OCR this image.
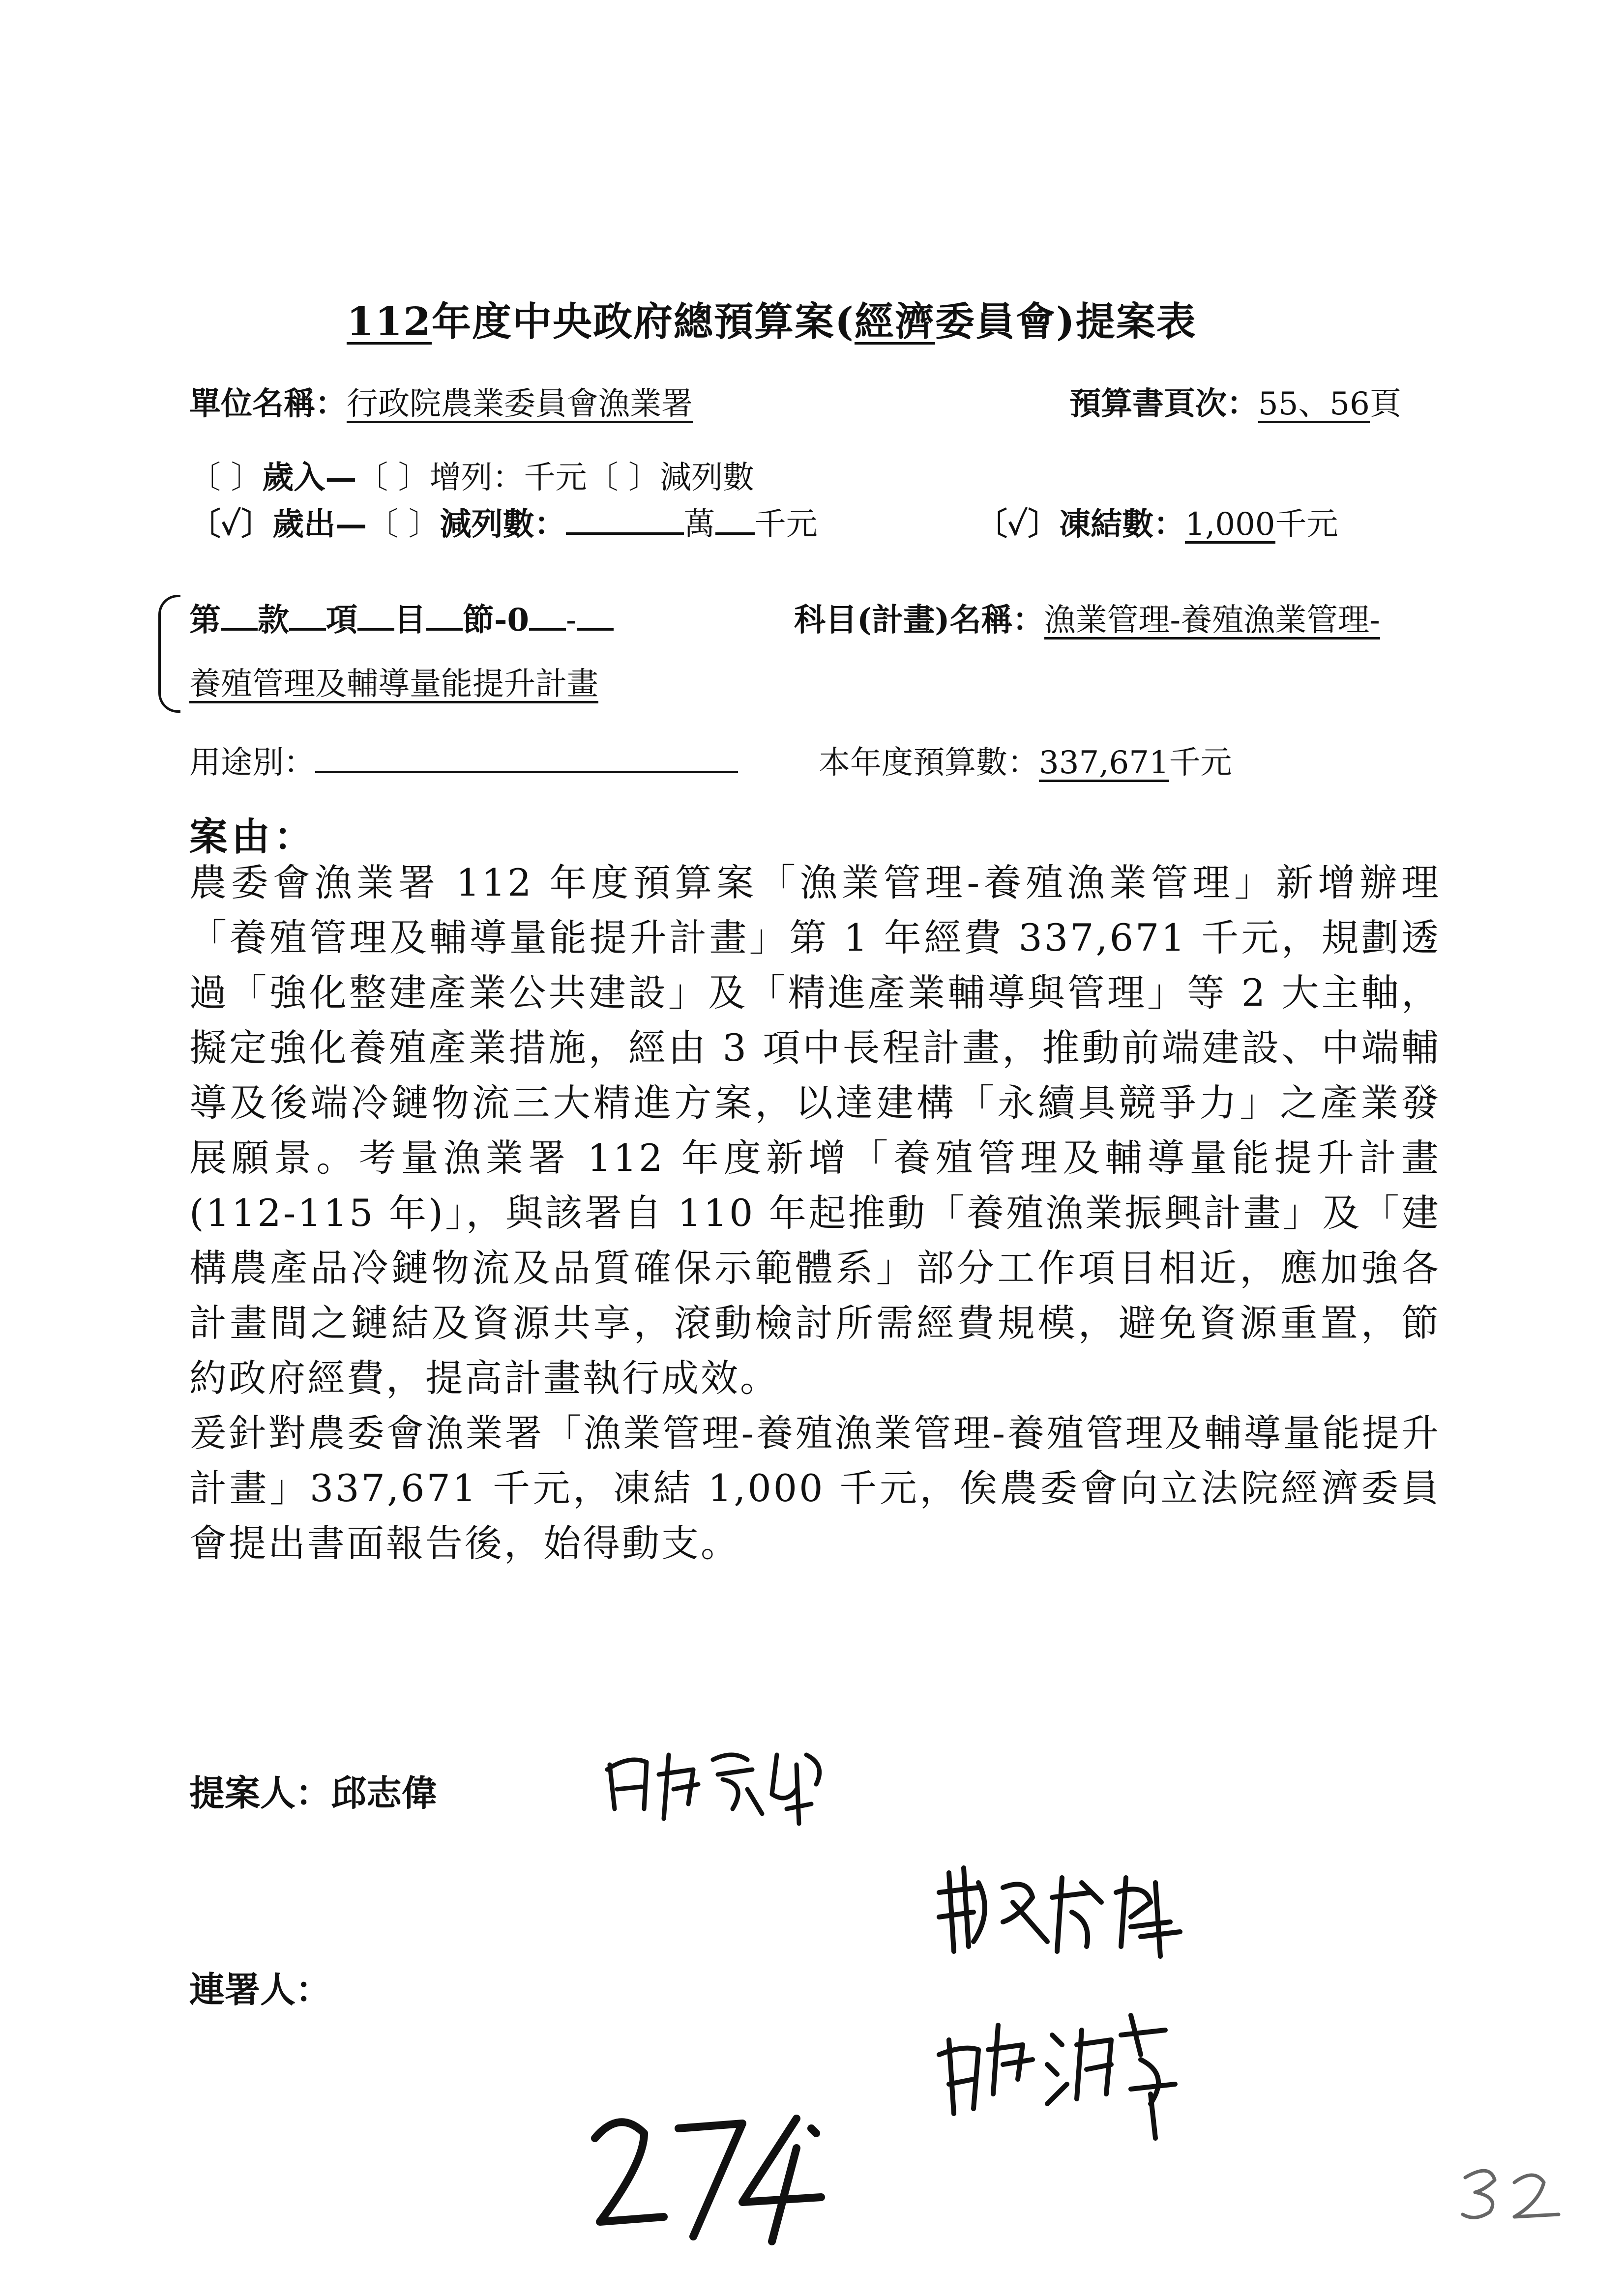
112年度中央政府總預算案(經濟委員會)提案表
單位名稱：行政院農業委員會漁業署	預算書頁次：55、56頁
〔 〕歲入—〔 〕增列：千元〔 〕減列數
〔✓〕歲出—〔 〕減列數：	萬 千元	〔✓〕凍結數：1,000千元
第 款 項 目 節-0 -	科目(計畫)名稱：漁業管理-養殖漁業管理-
養殖管理及輔導量能提升計畫
用途別：	本年度預算數：337,671千元
案由：

農委會漁業署 112 年度預算案「漁業管理-養殖漁業管理」新增辦理「養殖管理及輔導量能提升計畫」第 1 年經費 337,671 千元，規劃透過「強化整建產業公共建設」及「精進產業輔導與管理」等 2 大主軸，擬定強化養殖產業措施，經由 3 項中長程計畫，推動前端建設、中端輔導及後端冷鏈物流三大精進方案，以達建構「永續具競爭力」之產業發展願景。考量漁業署 112 年度新增「養殖管理及輔導量能提升計畫(112-115 年)」，與該署自 110 年起推動「養殖漁業振興計畫」及「建構農產品冷鏈物流及品質確保示範體系」部分工作項目相近，應加強各計畫間之鏈結及資源共享，滾動檢討所需經費規模，避免資源重置，節約政府經費，提高計畫執行成效。

爰針對農委會漁業署「漁業管理-養殖漁業管理-養殖管理及輔導量能提升計畫」337,671 千元，凍結 1,000 千元，俟農委會向立法院經濟委員會提出書面報告後，始得動支。

提案人：邱志偉
連署人：
